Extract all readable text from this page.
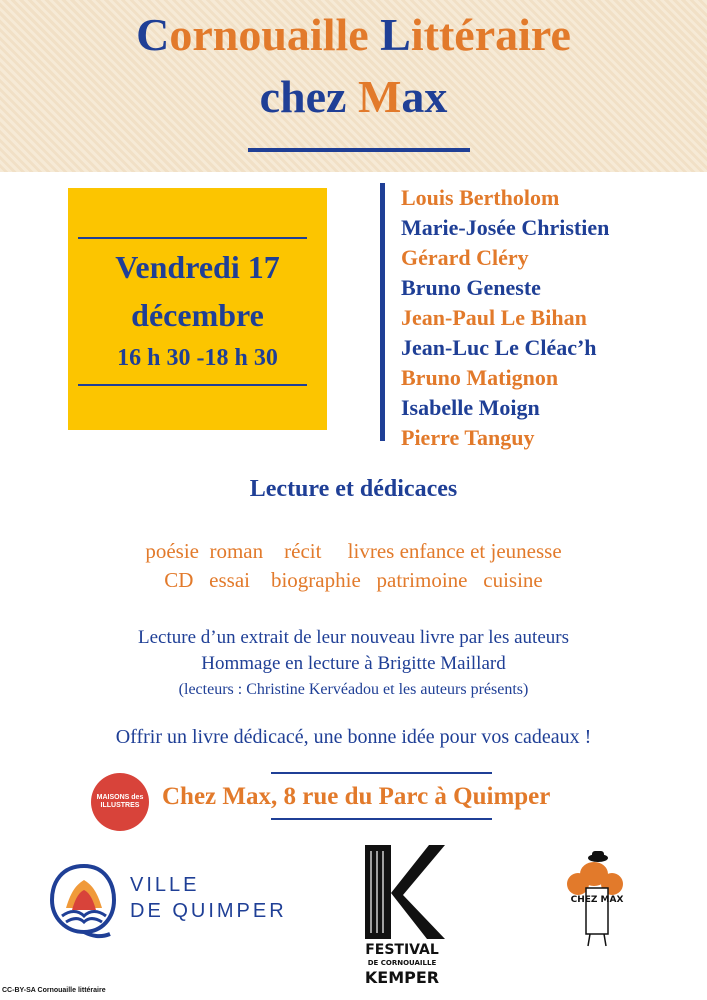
Cornouaille Littéraire
chez Max
Vendredi 17
décembre
16 h 30 -18 h 30
Louis Bertholom
Marie-Josée Christien
Gérard Cléry
Bruno Geneste
Jean-Paul Le Bihan
Jean-Luc Le Cléac’h
Bruno Matignon
Isabelle Moign
Pierre Tanguy
Lecture et dédicaces
poésie  roman    récit     livres enfance et jeunesse
CD   essai    biographie   patrimoine   cuisine
Lecture d’un extrait de leur nouveau livre par les auteurs
Hommage en lecture à Brigitte Maillard
(lecteurs : Christine Kervéadou et les auteurs présents)
Offrir un livre dédicacé, une bonne idée pour vos cadeaux !
MAISONS des ILLUSTRES Chez Max, 8 rue du Parc à Quimper
VILLE
DE QUIMPER
FESTIVAL
DE CORNOUAILLE
KEMPER
CHEZ MAX
CC-BY-SA Cornouaille littéraire
